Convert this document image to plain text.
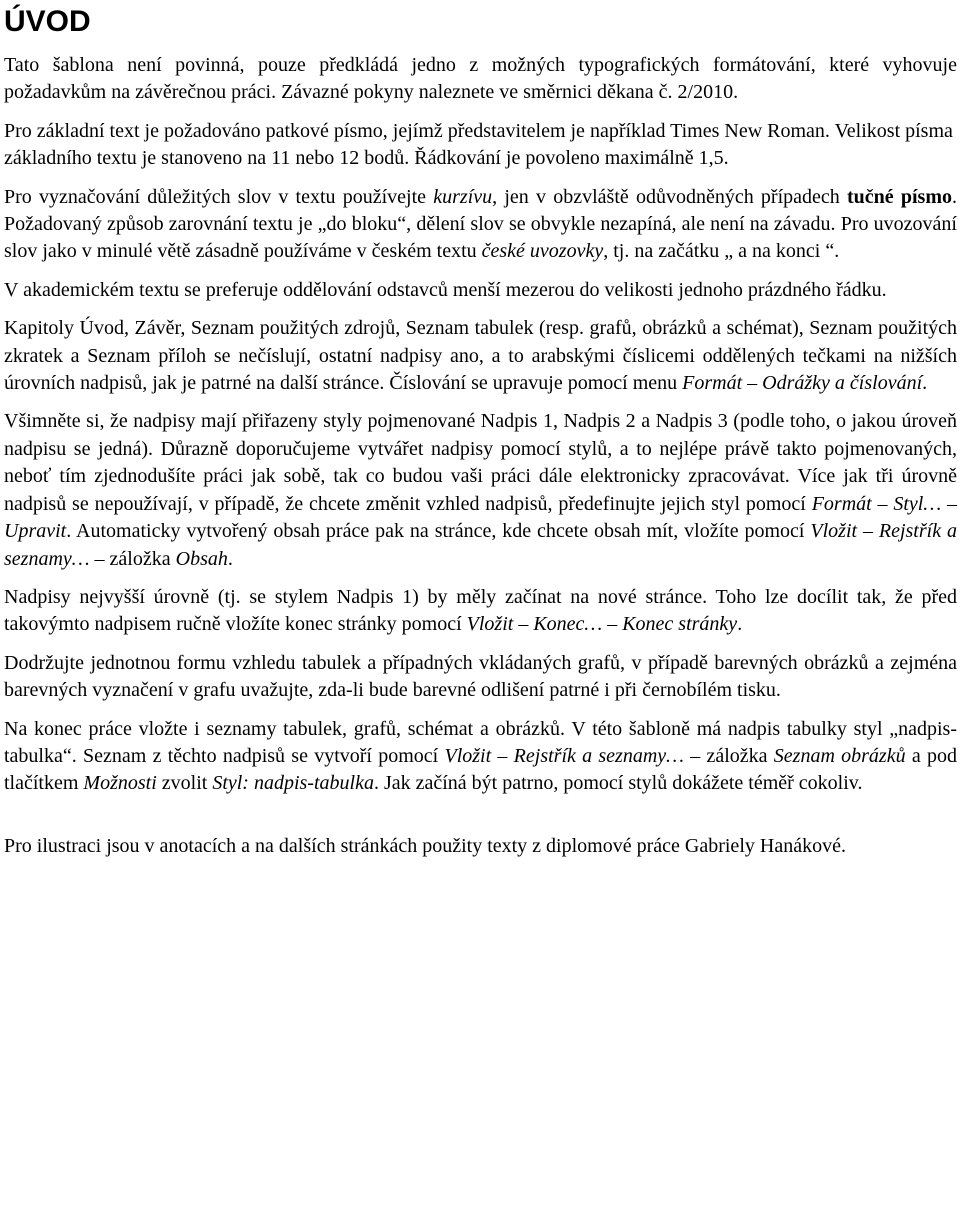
ÚVOD

Tato šablona není povinná, pouze předkládá jedno z možných typografických formátování, které vyhovuje požadavkům na závěrečnou práci. Závazné pokyny naleznete ve směrnici děkana č. 2/2010.

Pro základní text je požadováno patkové písmo, jejímž představitelem je například Times New Roman. Velikost písma základního textu je stanoveno na 11 nebo 12 bodů. Řádkování je povoleno maximálně 1,5.

Pro vyznačování důležitých slov v textu používejte kurzívu, jen v obzvláště odůvodněných případech tučné písmo. Požadovaný způsob zarovnání textu je „do bloku“, dělení slov se obvykle nezapíná, ale není na závadu. Pro uvozování slov jako v minulé větě zásadně používáme v českém textu české uvozovky, tj. na začátku „ a na konci “.

V akademickém textu se preferuje oddělování odstavců menší mezerou do velikosti jednoho prázdného řádku.

Kapitoly Úvod, Závěr, Seznam použitých zdrojů, Seznam tabulek (resp. grafů, obrázků a schémat), Seznam použitých zkratek a Seznam příloh se nečíslují, ostatní nadpisy ano, a to arabskými číslicemi oddělených tečkami na nižších úrovních nadpisů, jak je patrné na další stránce. Číslování se upravuje pomocí menu Formát – Odrážky a číslování.

Všimněte si, že nadpisy mají přiřazeny styly pojmenované Nadpis 1, Nadpis 2 a Nadpis 3 (podle toho, o jakou úroveň nadpisu se jedná). Důrazně doporučujeme vytvářet nadpisy pomocí stylů, a to nejlépe právě takto pojmenovaných, neboť tím zjednodušíte práci jak sobě, tak co budou vaši práci dále elektronicky zpracovávat. Více jak tři úrovně nadpisů se nepoužívají, v případě, že chcete změnit vzhled nadpisů, předefinujte jejich styl pomocí Formát – Styl… – Upravit. Automaticky vytvořený obsah práce pak na stránce, kde chcete obsah mít, vložíte pomocí Vložit – Rejstřík a seznamy… – záložka Obsah.

Nadpisy nejvyšší úrovně (tj. se stylem Nadpis 1) by měly začínat na nové stránce. Toho lze docílit tak, že před takovýmto nadpisem ručně vložíte konec stránky pomocí Vložit – Konec… – Konec stránky.

Dodržujte jednotnou formu vzhledu tabulek a případných vkládaných grafů, v případě barevných obrázků a zejména barevných vyznačení v grafu uvažujte, zda-li bude barevné odlišení patrné i při černobílém tisku.

Na konec práce vložte i seznamy tabulek, grafů, schémat a obrázků. V této šabloně má nadpis tabulky styl „nadpis-tabulka“. Seznam z těchto nadpisů se vytvoří pomocí Vložit – Rejstřík a seznamy… – záložka Seznam obrázků a pod tlačítkem Možnosti zvolit Styl: nadpis-tabulka. Jak začíná být patrno, pomocí stylů dokážete téměř cokoliv.

Pro ilustraci jsou v anotacích a na dalších stránkách použity texty z diplomové práce Gabriely Hanákové.
